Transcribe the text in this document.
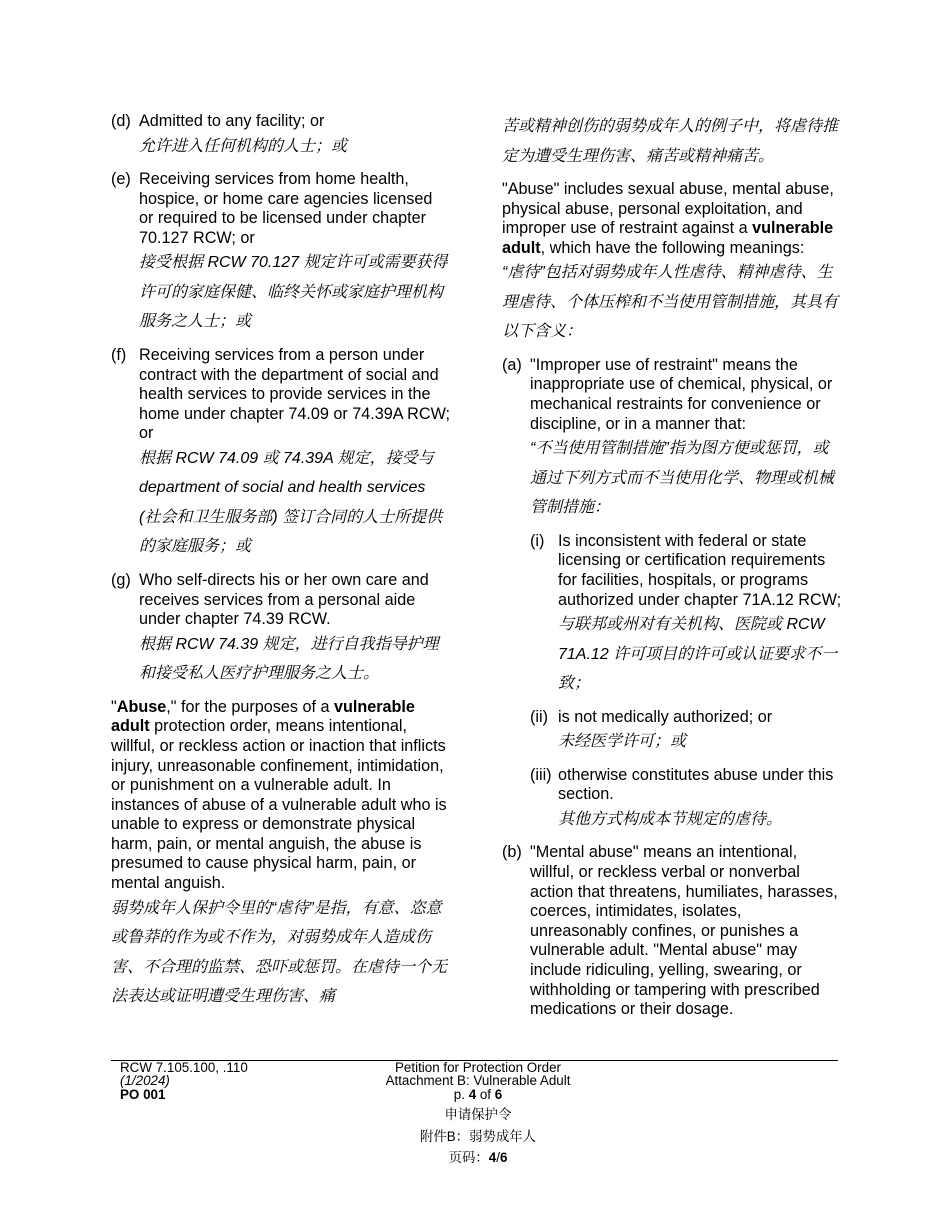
(d) Admitted to any facility; or

允许进入任何机构的人士；或

(e) Receiving services from home health, hospice, or home care agencies licensed or required to be licensed under chapter 70.127 RCW; or

接受根据 RCW 70.127 规定许可或需要获得许可的家庭保健、临终关怀或家庭护理机构服务之人士；或

(f) Receiving services from a person under contract with the department of social and health services to provide services in the home under chapter 74.09 or 74.39A RCW; or

根据 RCW 74.09 或 74.39A 规定，接受与 department of social and health services (社会和卫生服务部) 签订合同的人士所提供的家庭服务；或

(g) Who self-directs his or her own care and receives services from a personal aide under chapter 74.39 RCW.

根据 RCW 74.39 规定，进行自我指导护理和接受私人医疗护理服务之人士。

"Abuse," for the purposes of a vulnerable adult protection order, means intentional, willful, or reckless action or inaction that inflicts injury, unreasonable confinement, intimidation, or punishment on a vulnerable adult. In instances of abuse of a vulnerable adult who is unable to express or demonstrate physical harm, pain, or mental anguish, the abuse is presumed to cause physical harm, pain, or mental anguish.

弱势成年人保护令里的“虐待”是指，有意、恣意或鲁莽的作为或不作为，对弱势成年人造成伤害、不合理的监禁、恐吓或惩罚。在虐待一个无法表达或证明遭受生理伤害、痛

苦或精神创伤的弱势成年人的例子中，将虐待推定为遭受生理伤害、痛苦或精神痛苦。

"Abuse" includes sexual abuse, mental abuse, physical abuse, personal exploitation, and improper use of restraint against a vulnerable adult, which have the following meanings:

“虐待”包括对弱势成年人性虐待、精神虐待、生理虐待、个体压榨和不当使用管制措施，其具有以下含义：

(a) "Improper use of restraint" means the inappropriate use of chemical, physical, or mechanical restraints for convenience or discipline, or in a manner that:

“不当使用管制措施”指为图方便或惩罚，或通过下列方式而不当使用化学、物理或机械管制措施：

(i) Is inconsistent with federal or state licensing or certification requirements for facilities, hospitals, or programs authorized under chapter 71A.12 RCW;

与联邦或州对有关机构、医院或 RCW 71A.12 许可项目的许可或认证要求不一致；

(ii) is not medically authorized; or

未经医学许可；或

(iii) otherwise constitutes abuse under this section.

其他方式构成本节规定的虐待。

(b) "Mental abuse" means an intentional, willful, or reckless verbal or nonverbal action that threatens, humiliates, harasses, coerces, intimidates, isolates, unreasonably confines, or punishes a vulnerable adult. "Mental abuse" may include ridiculing, yelling, swearing, or withholding or tampering with prescribed medications or their dosage.

RCW 7.105.100, .110
(1/2024)
PO 001
Petition for Protection Order
Attachment B: Vulnerable Adult
p. 4 of 6
申请保护令
附件B：弱势成年人
页码：4/6
